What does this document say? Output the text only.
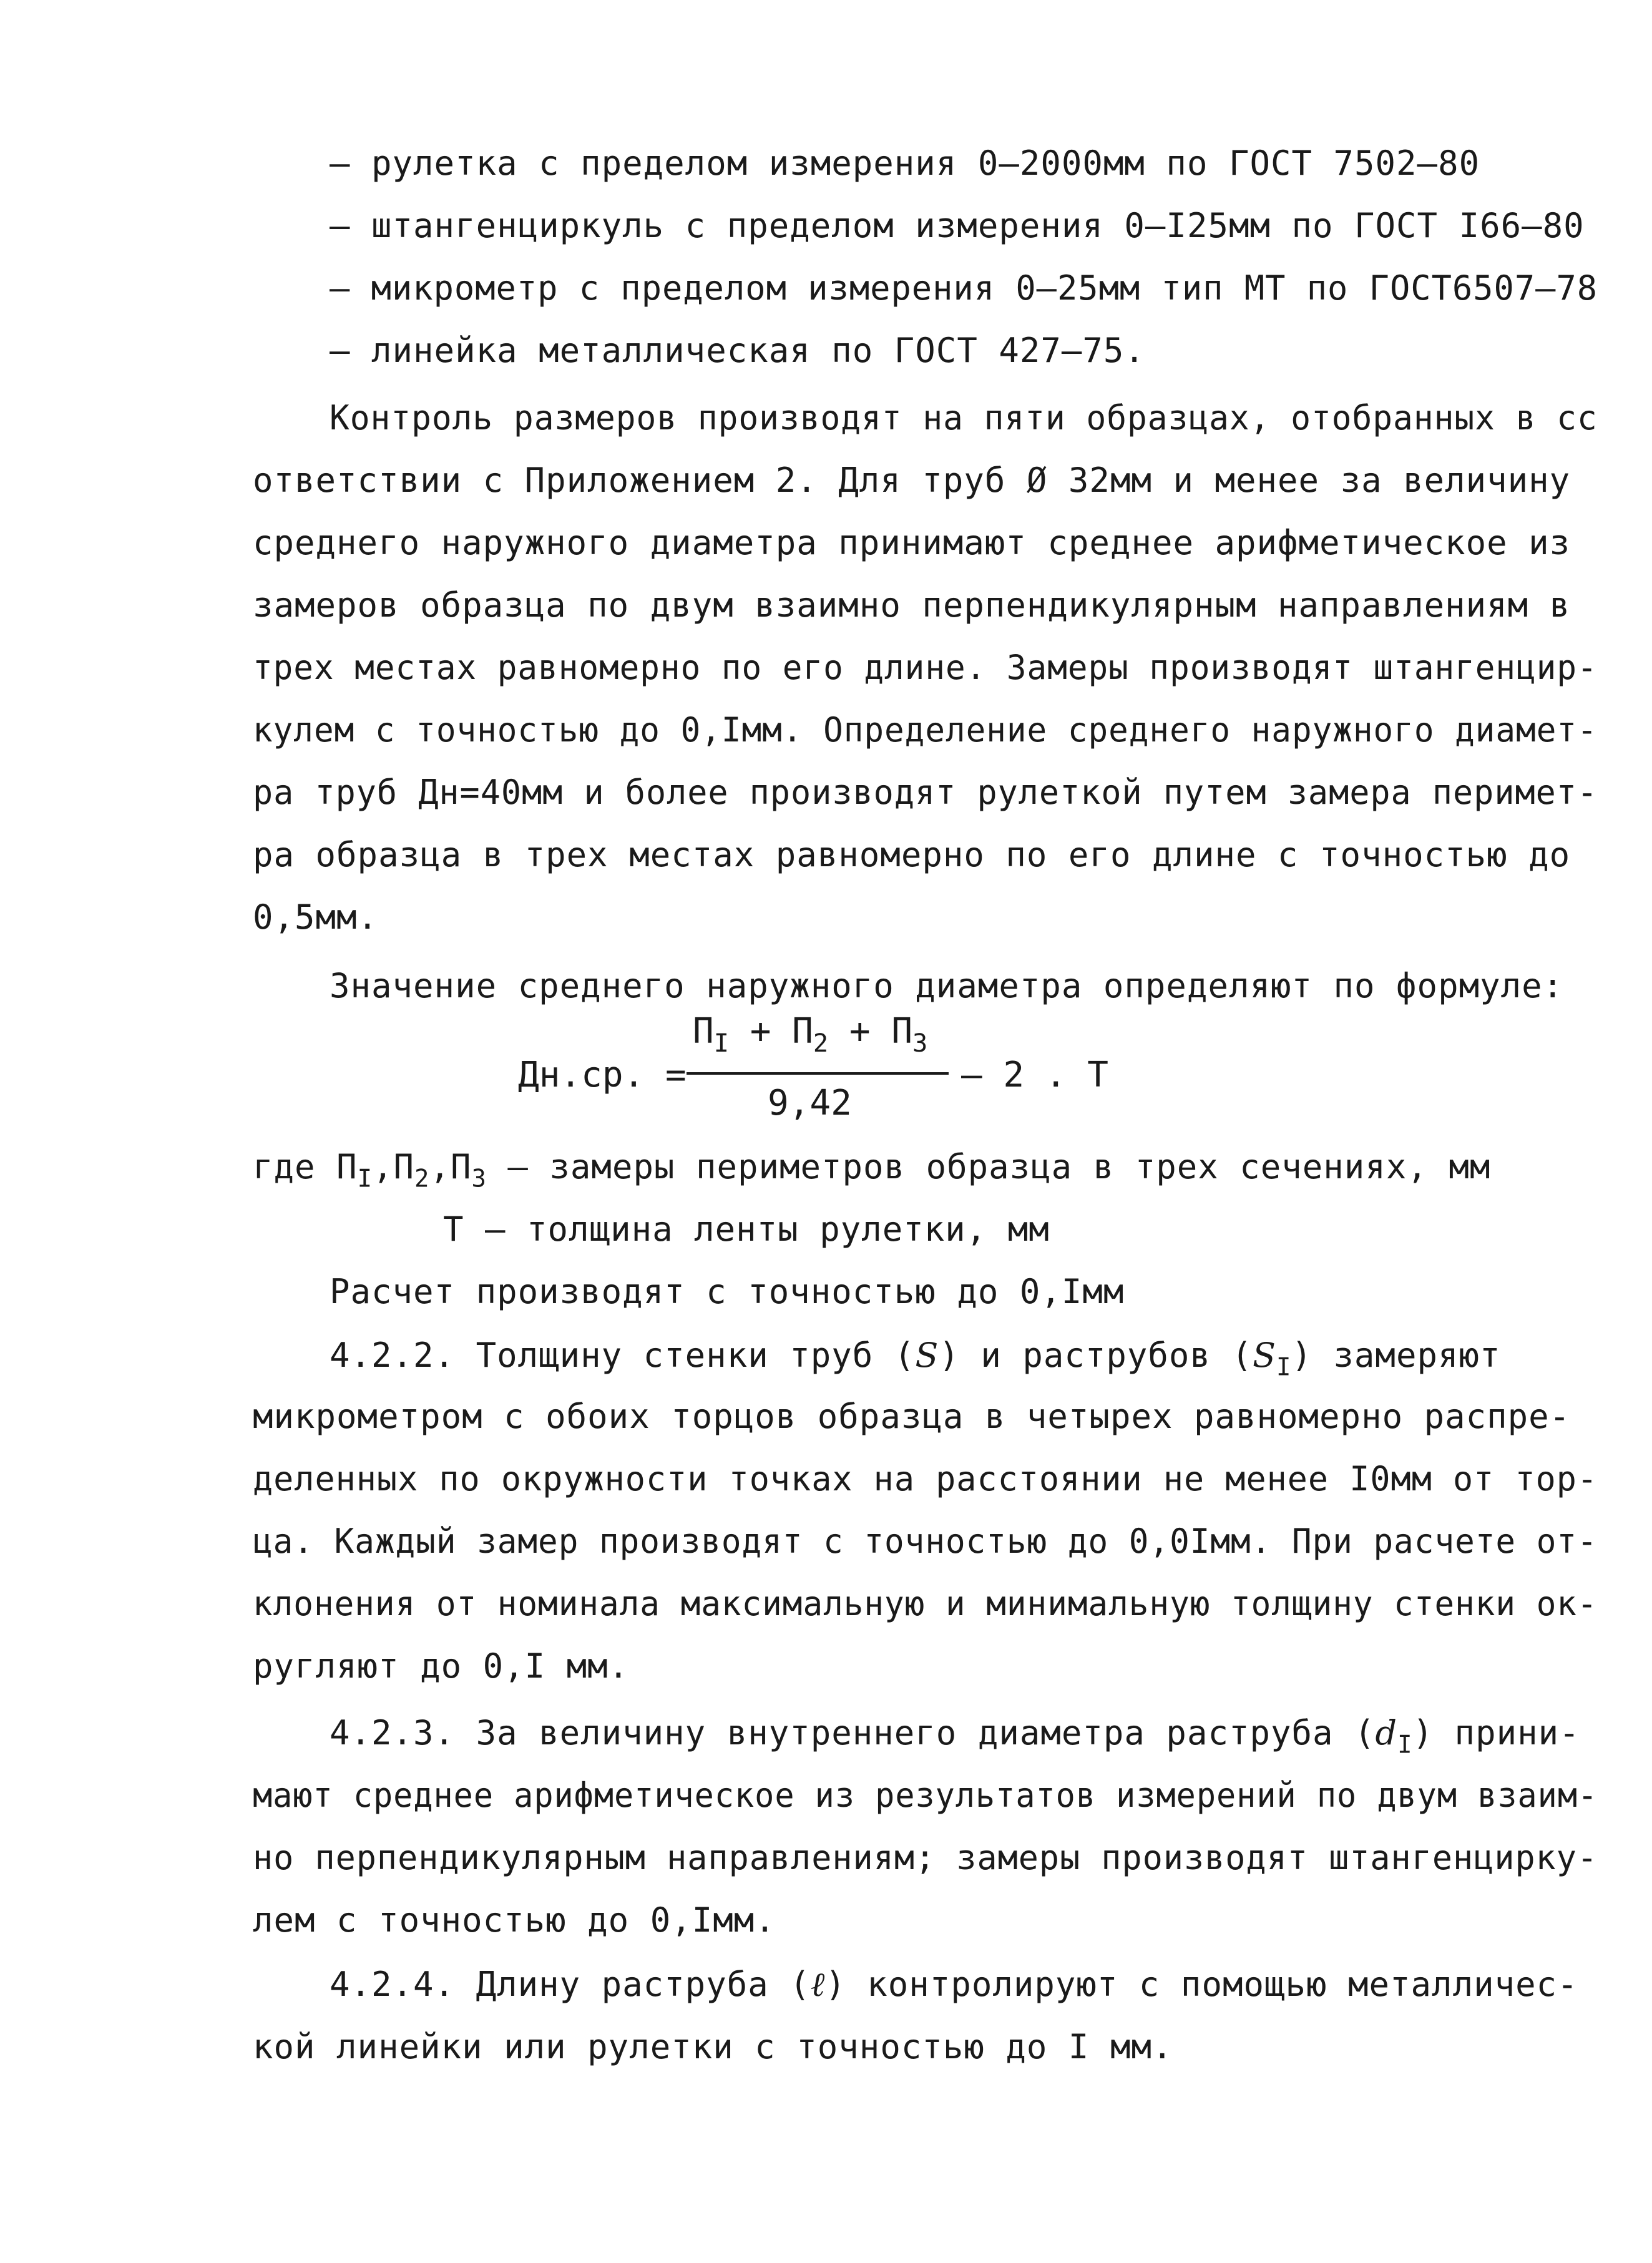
– рулетка с пределом измерения 0–2000мм по ГОСТ 7502–80
– штангенциркуль с пределом измерения 0–I25мм по ГОСТ I66–80
– микрометр с пределом измерения 0–25мм тип МТ по ГОСТ6507–78
– линейка металлическая по ГОСТ 427–75.
Контроль размеров производят на пяти образцах, отобранных в сс
ответствии с Приложением 2. Для труб Ø 32мм и менее за величину
среднего наружного диаметра принимают среднее арифметическое из
замеров образца по двум взаимно перпендикулярным направлениям в
трех местах равномерно по его длине. Замеры производят штангенцир-
кулем с точностью до 0,Iмм. Определение среднего наружного диамет-
ра труб Дн=40мм и более производят рулеткой путем замера перимет-
ра образца в трех местах равномерно по его длине с точностью до
0,5мм.
Значение среднего наружного диаметра определяют по формуле:
Дн.ср. =
$П_I + П_2 + П_3$
9,42
– 2 . Т
где $П_I,П_2,П_3$ – замеры периметров образца в трех сечениях, мм
Т – толщина ленты рулетки, мм
Расчет производят с точностью до 0,Iмм
4.2.2. Толщину стенки труб (S) и раструбов $(S_I)$ замеряют
микрометром с обоих торцов образца в четырех равномерно распре-
деленных по окружности точках на расстоянии не менее I0мм от тор-
ца. Каждый замер производят с точностью до 0,0Iмм. При расчете от-
клонения от номинала максимальную и минимальную толщину стенки ок-
ругляют до 0,I мм.
4.2.3. За величину внутреннего диаметра раструба $(d_I)$ прини-
мают среднее арифметическое из результатов измерений по двум взаим-
но перпендикулярным направлениям; замеры производят штангенцирку-
лем с точностью до 0,Iмм.
4.2.4. Длину раструба (ℓ) контролируют с помощью металличес-
кой линейки или рулетки с точностью до I мм.
